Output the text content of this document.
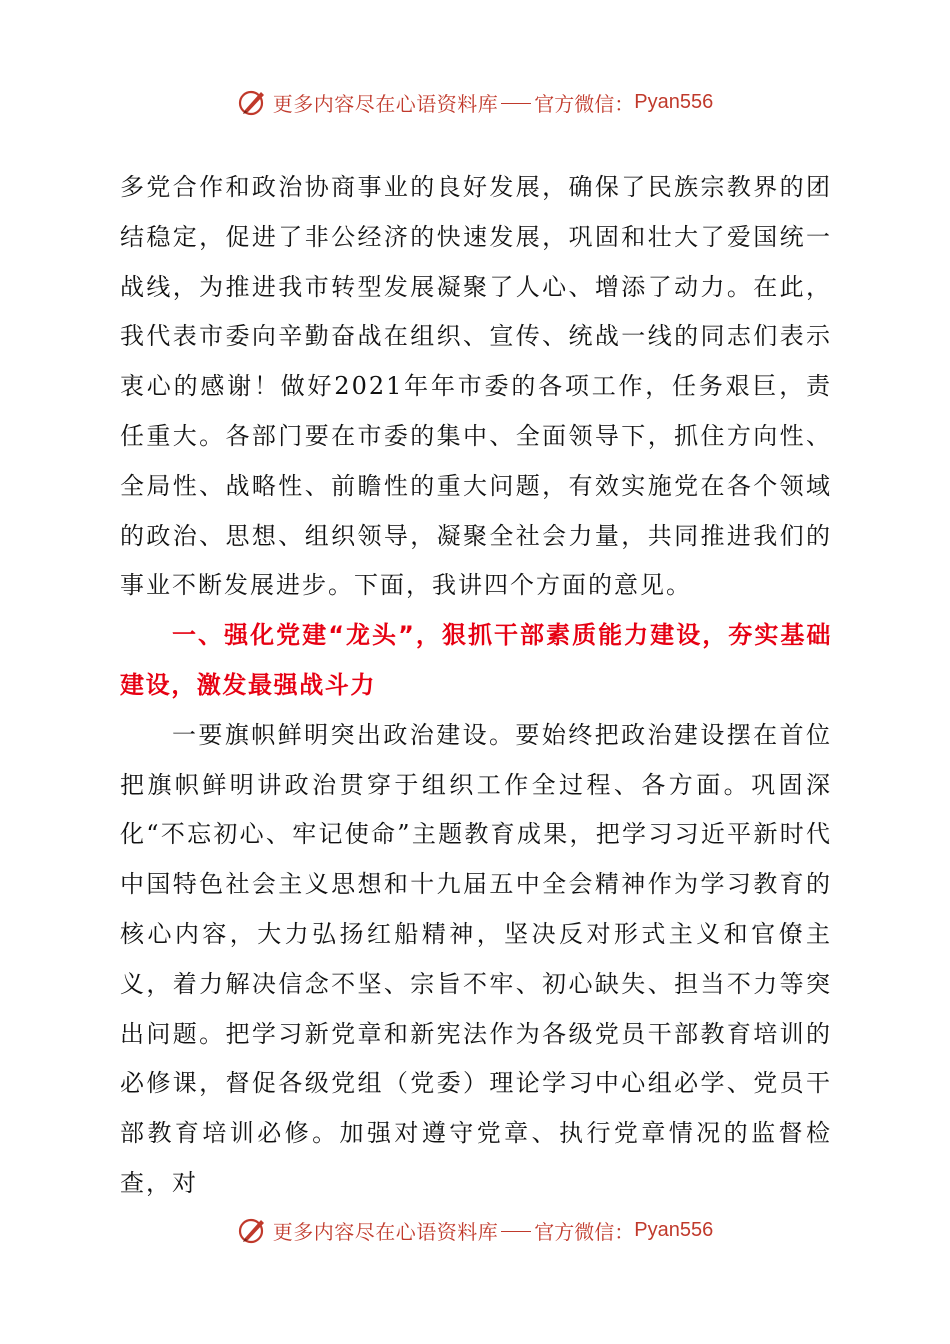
更多内容尽在心语资料库 官方微信： Pyan556

多党合作和政治协商事业的良好发展，确保了民族宗教界的团结稳定，促进了非公经济的快速发展，巩固和壮大了爱国统一战线，为推进我市转型发展凝聚了人心、增添了动力。在此，我代表市委向辛勤奋战在组织、宣传、统战一线的同志们表示衷心的感谢！做好2021年年市委的各项工作，任务艰巨，责任重大。各部门要在市委的集中、全面领导下，抓住方向性、全局性、战略性、前瞻性的重大问题，有效实施党在各个领域的政治、思想、组织领导，凝聚全社会力量，共同推进我们的事业不断发展进步。下面，我讲四个方面的意见。

一、强化党建“龙头”，狠抓干部素质能力建设，夯实基础建设，激发最强战斗力

一要旗帜鲜明突出政治建设。要始终把政治建设摆在首位把旗帜鲜明讲政治贯穿于组织工作全过程、各方面。巩固深化“不忘初心、牢记使命”主题教育成果，把学习习近平新时代中国特色社会主义思想和十九届五中全会精神作为学习教育的核心内容，大力弘扬红船精神，坚决反对形式主义和官僚主义，着力解决信念不坚、宗旨不牢、初心缺失、担当不力等突出问题。把学习新党章和新宪法作为各级党员干部教育培训的必修课，督促各级党组（党委）理论学习中心组必学、党员干部教育培训必修。加强对遵守党章、执行党章情况的监督检查，对

更多内容尽在心语资料库 官方微信： Pyan556
